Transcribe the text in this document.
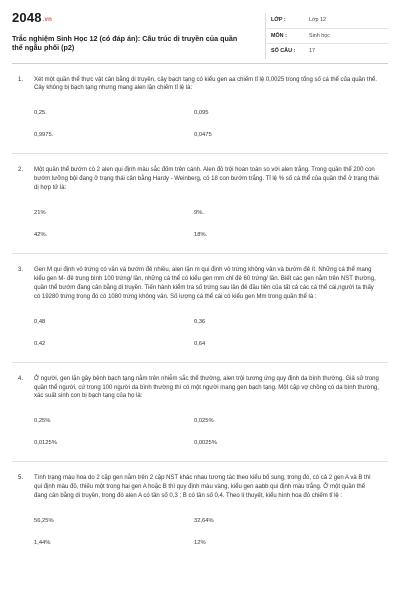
2048.vn
Trắc nghiệm Sinh Học 12 (có đáp án): Cấu trúc di truyền của quần thể ngẫu phối (p2)
LỚP :	Lớp 12
MÔN :	Sinh học
SỐ CÂU :	17
1.	Xét một quần thể thực vật cân bằng di truyền, cây bạch tạng có kiểu gen aa chiếm tỉ lệ 0,0025 trong tổng số cá thể của quần thể. Cây không bị bạch tạng nhưng mang alen lặn chiếm tỉ lệ là:
0,25.	0,095
0,9975.	0,0475
2.	Một quần thể bướm có 2 alen qui định màu sắc đốm trên cánh. Alen đỏ trội hoàn toàn so với alen trắng. Trong quần thể 200 con bướm lưỡng bội đang ở trạng thái cân bằng Hardy - Weinberg, có 18 con bướm trắng. Tỉ lệ % số cá thể của quần thể ở trạng thái dị hợp tử là:
21%	9%.
42%.	18%.
3.	Gen M qui định vỏ trứng có vân và bướm đẻ nhiều, alen lặn m qui định vỏ trứng không vân và bướm đẻ ít. Những cá thể mang kiểu gen M- đẻ trung bình 100 trứng/ lần, những cá thể có kiểu gen mm chỉ đẻ 60 trứng/ lần. Biết các gen nằm trên NST thường, quần thể bướm đang cân bằng di truyền. Tiến hành kiểm tra số trứng sau lần đẻ đầu tiên của tất cả các cá thể cái,người ta thấy có 19280 trứng trong đó có 1080 trứng không vân. Số lượng cá thể cái có kiểu gen Mm trong quần thể là :
0,48	0,36
0,42	0,64
4.	Ở người, gen lặn gây bệnh bạch tạng nằm trên nhiễm sắc thể thường, alen trội tương ứng quy định da bình thường. Giả sử trong quần thể người, cứ trong 100 người da bình thường thì có một người mang gen bạch tạng. Một cặp vợ chồng có da bình thường, xác suất sinh con bị bạch tạng của họ là:
0,25%	0,025%
0,0125%	0,0025%
5.	Tính trạng màu hoa do 2 cặp gen nằm trên 2 cặp NST khác nhau tương tác theo kiểu bổ sung, trong đó, có cả 2 gen A và B thì qui định màu đỏ, thiếu một trong hai gen A hoặc B thì quy định màu vàng, kiểu gen aabb qui định màu trắng. Ở một quần thể đang cân bằng di truyền, trong đó alen A có tần số 0,3 ; B có tần số 0,4. Theo lí thuyết, kiểu hình hoa đỏ chiếm tỉ lệ :
56,25%	32,64%
1,44%	12%
